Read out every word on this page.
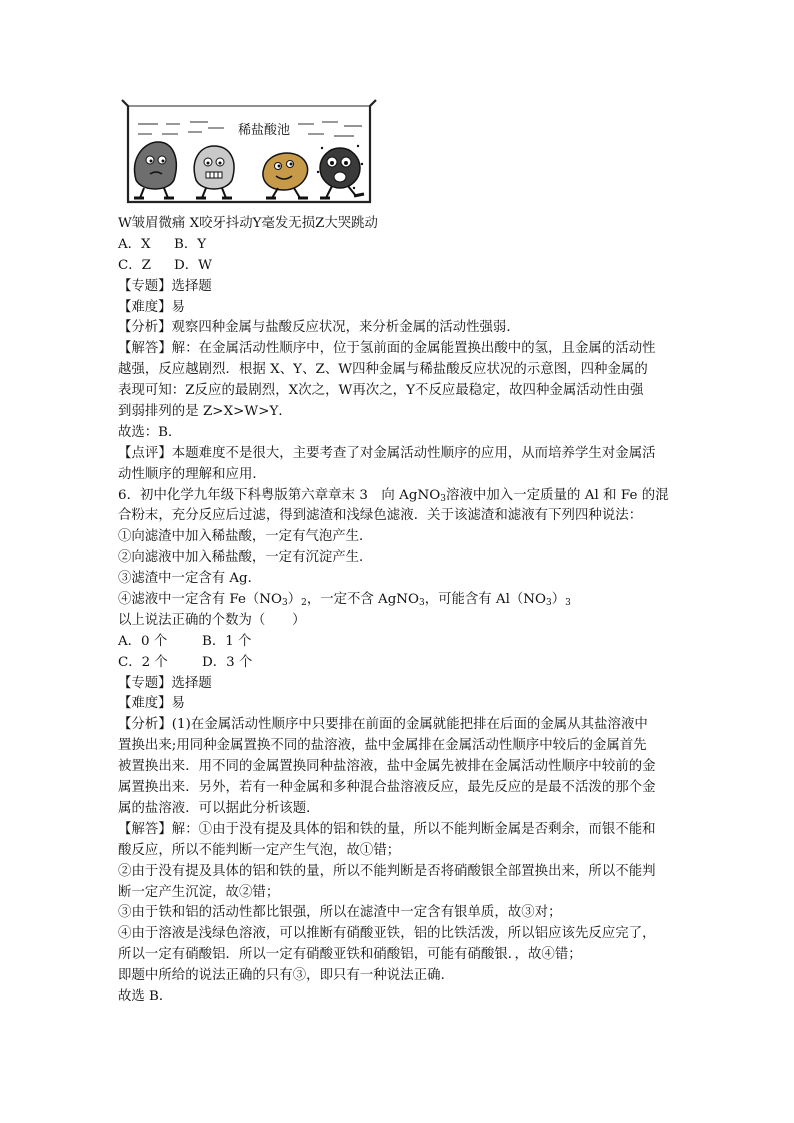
稀盐酸池
W皱眉微痛 X咬牙抖动Y毫发无损Z大哭跳动
A．X B．Y
C．Z D．W
【专题】选择题
【难度】易
【分析】观察四种金属与盐酸反应状况，来分析金属的活动性强弱．
【解答】解：在金属活动性顺序中，位于氢前面的金属能置换出酸中的氢，且金属的活动性
越强，反应越剧烈．根据 X、Y、Z、W四种金属与稀盐酸反应状况的示意图，四种金属的
表现可知：Z反应的最剧烈，X次之，W再次之，Y不反应最稳定，故四种金属活动性由强
到弱排列的是 Z>X>W>Y．
故选：B．
【点评】本题难度不是很大，主要考查了对金属活动性顺序的应用，从而培养学生对金属活
动性顺序的理解和应用．
6．初中化学九年级下科粤版第六章章末 3　向 AgNO$_3$溶液中加入一定质量的 Al 和 Fe 的混
合粉末，充分反应后过滤，得到滤渣和浅绿色滤液．关于该滤渣和滤液有下列四种说法：
①向滤渣中加入稀盐酸，一定有气泡产生．
②向滤液中加入稀盐酸，一定有沉淀产生．
③滤渣中一定含有 Ag．
④滤液中一定含有 $Fe(NO_3)_2$，一定不含 AgNO$_3$，可能含有 $Al(NO_3)_3$
以上说法正确的个数为（　　）
A．0 个	B．1 个
C．2 个	D．3 个
【专题】选择题
【难度】易
【分析】(1)在金属活动性顺序中只要排在前面的金属就能把排在后面的金属从其盐溶液中
置换出来;用同种金属置换不同的盐溶液，盐中金属排在金属活动性顺序中较后的金属首先
被置换出来．用不同的金属置换同种盐溶液，盐中金属先被排在金属活动性顺序中较前的金
属置换出来．另外，若有一种金属和多种混合盐溶液反应，最先反应的是最不活泼的那个金
属的盐溶液．可以据此分析该题．
【解答】解：①由于没有提及具体的铝和铁的量，所以不能判断金属是否剩余，而银不能和
酸反应，所以不能判断一定产生气泡，故①错；
②由于没有提及具体的铝和铁的量，所以不能判断是否将硝酸银全部置换出来，所以不能判
断一定产生沉淀，故②错；
③由于铁和铝的活动性都比银强，所以在滤渣中一定含有银单质，故③对；
④由于溶液是浅绿色溶液，可以推断有硝酸亚铁，铝的比铁活泼，所以铝应该先反应完了，
所以一定有硝酸铝．所以一定有硝酸亚铁和硝酸铝，可能有硝酸银．，故④错；
即题中所给的说法正确的只有③，即只有一种说法正确．
故选 B．
